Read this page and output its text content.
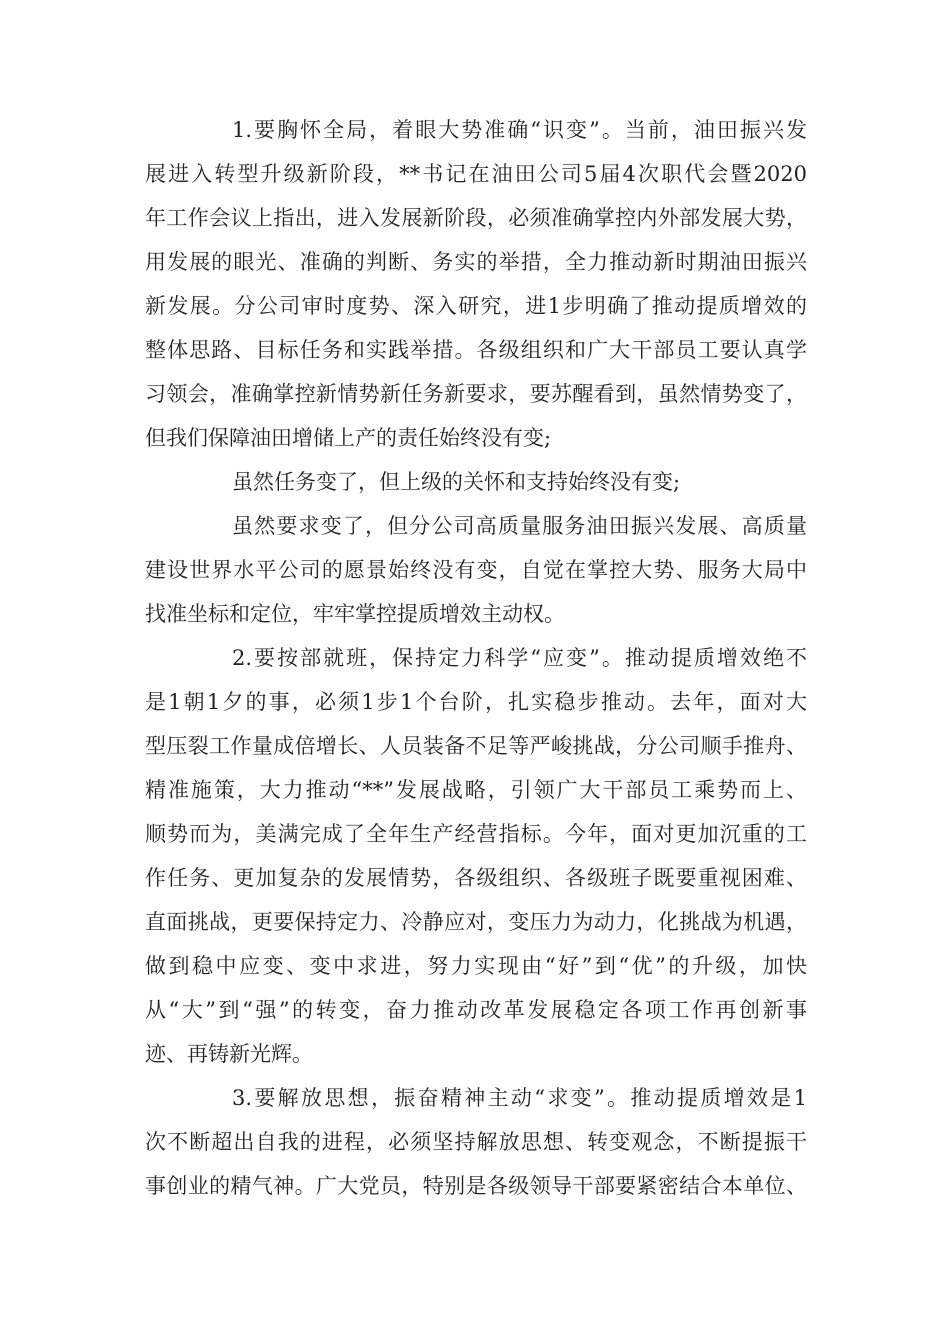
1.要胸怀全局，着眼大势准确“识变”。当前，油田振兴发
展进入转型升级新阶段，**书记在油田公司5届4次职代会暨2020
年工作会议上指出，进入发展新阶段，必须准确掌控内外部发展大势，
用发展的眼光、准确的判断、务实的举措，全力推动新时期油田振兴
新发展。分公司审时度势、深入研究，进1步明确了推动提质增效的
整体思路、目标任务和实践举措。各级组织和广大干部员工要认真学
习领会，准确掌控新情势新任务新要求，要苏醒看到，虽然情势变了，
但我们保障油田增储上产的责任始终没有变;
虽然任务变了，但上级的关怀和支持始终没有变;
虽然要求变了，但分公司高质量服务油田振兴发展、高质量
建设世界水平公司的愿景始终没有变，自觉在掌控大势、服务大局中
找准坐标和定位，牢牢掌控提质增效主动权。
2.要按部就班，保持定力科学“应变”。推动提质增效绝不
是1朝1夕的事，必须1步1个台阶，扎实稳步推动。去年，面对大
型压裂工作量成倍增长、人员装备不足等严峻挑战，分公司顺手推舟、
精准施策，大力推动“**”发展战略，引领广大干部员工乘势而上、
顺势而为，美满完成了全年生产经营指标。今年，面对更加沉重的工
作任务、更加复杂的发展情势，各级组织、各级班子既要重视困难、
直面挑战，更要保持定力、冷静应对，变压力为动力，化挑战为机遇，
做到稳中应变、变中求进，努力实现由“好”到“优”的升级，加快
从“大”到“强”的转变，奋力推动改革发展稳定各项工作再创新事
迹、再铸新光辉。
3.要解放思想，振奋精神主动“求变”。推动提质增效是1
次不断超出自我的进程，必须坚持解放思想、转变观念，不断提振干
事创业的精气神。广大党员，特别是各级领导干部要紧密结合本单位、
